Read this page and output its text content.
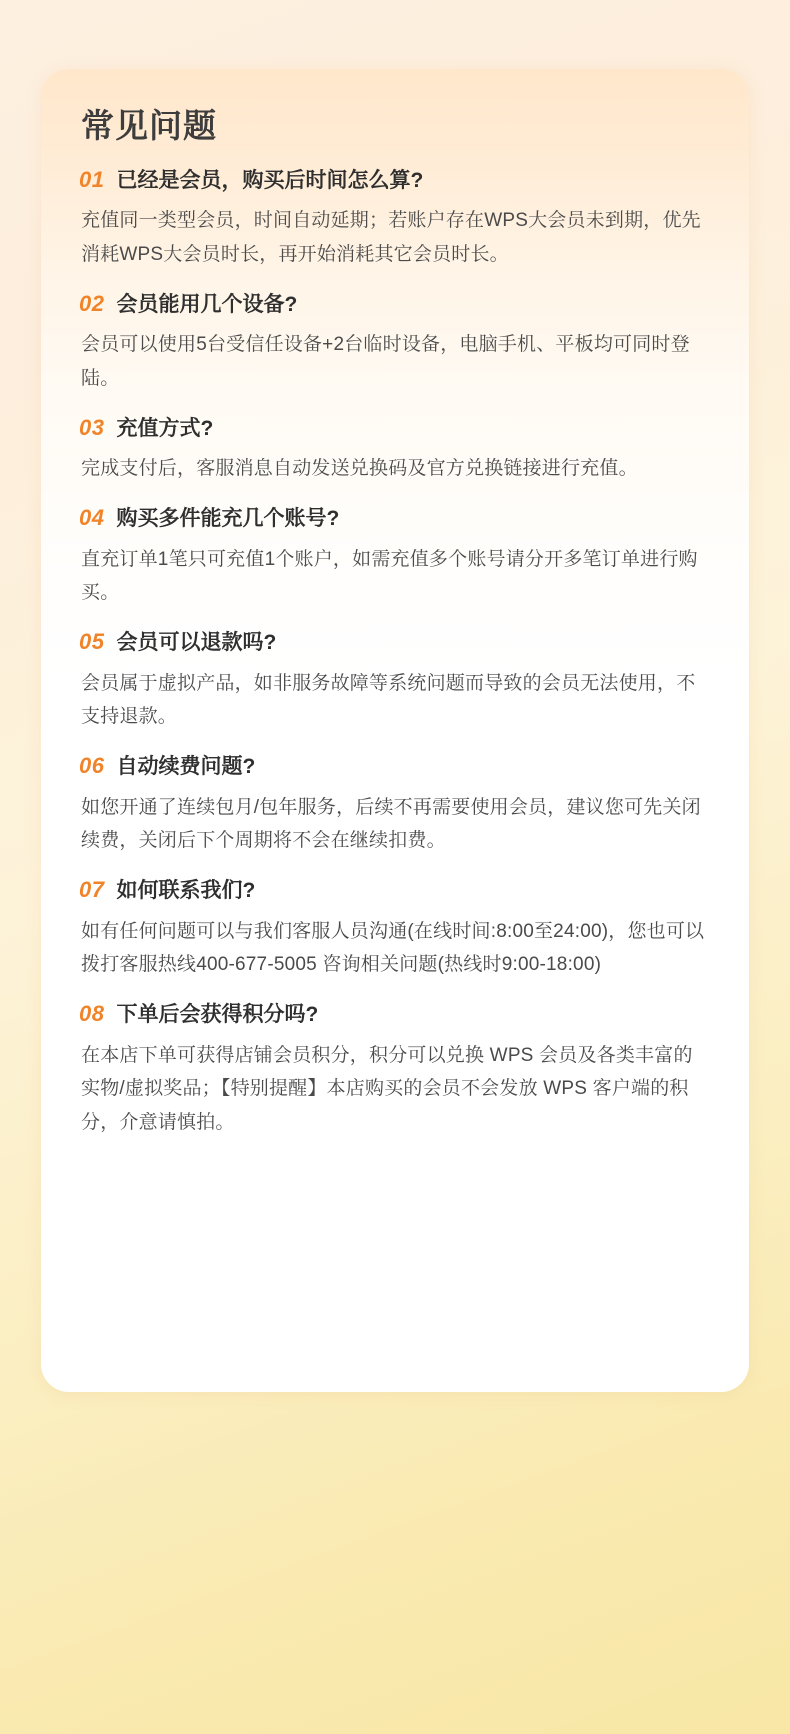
常见问题
01 已经是会员，购买后时间怎么算?

充值同一类型会员，时间自动延期；若账户存在WPS大会员未到期，优先消耗WPS大会员时长，再开始消耗其它会员时长。

02 会员能用几个设备?

会员可以使用5台受信任设备+2台临时设备，电脑手机、平板均可同时登陆。

03 充值方式?

完成支付后，客服消息自动发送兑换码及官方兑换链接进行充值。

04 购买多件能充几个账号?

直充订单1笔只可充值1个账户，如需充值多个账号请分开多笔订单进行购买。

05 会员可以退款吗?

会员属于虚拟产品，如非服务故障等系统问题而导致的会员无法使用，不支持退款。

06 自动续费问题?

如您开通了连续包月/包年服务，后续不再需要使用会员，建议您可先关闭续费，关闭后下个周期将不会在继续扣费。

07 如何联系我们?

如有任何问题可以与我们客服人员沟通(在线时间:8:00至24:00)，您也可以拨打客服热线400-677-5005 咨询相关问题(热线时9:00-18:00)

08 下单后会获得积分吗?

在本店下单可获得店铺会员积分，积分可以兑换 WPS 会员及各类丰富的实物/虚拟奖品；【特别提醒】本店购买的会员不会发放 WPS 客户端的积分，介意请慎拍。
